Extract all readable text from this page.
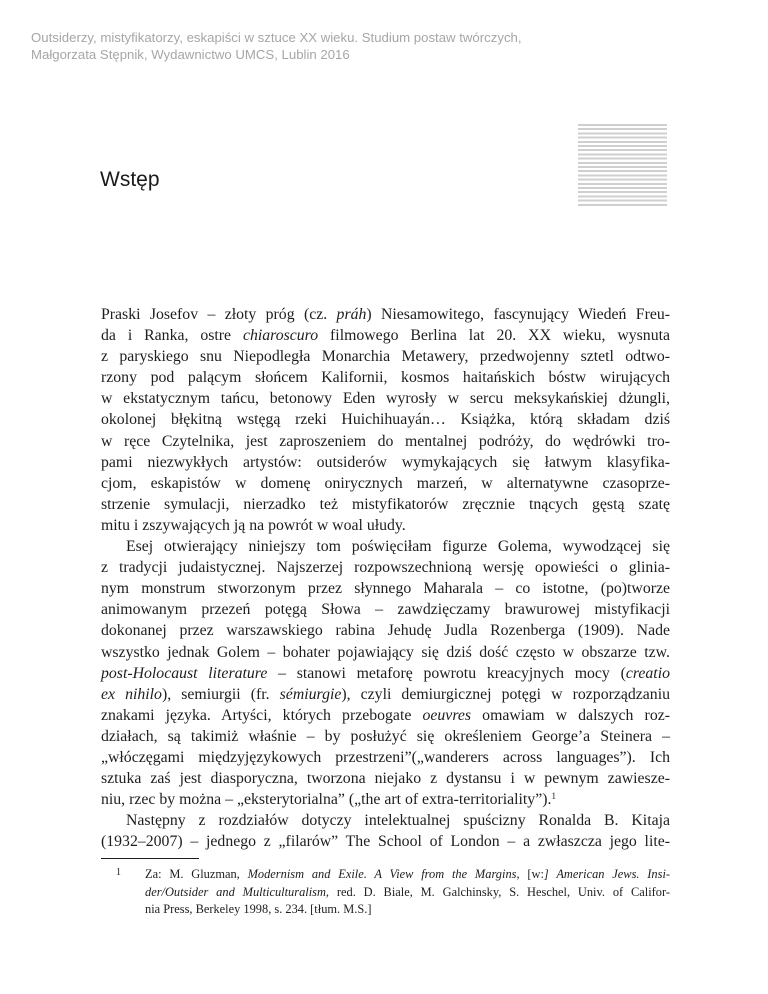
Outsiderzy, mistyfikatorzy, eskapiści w sztuce XX wieku. Studium postaw twórczych,
Małgorzata Stępnik, Wydawnictwo UMCS, Lublin 2016
Wstęp
Praski Josefov – złoty próg (cz. práh) Niesamowitego, fascynujący Wiedeń Freu-
da i Ranka, ostre chiaroscuro filmowego Berlina lat 20. XX wieku, wysnuta
z paryskiego snu Niepodległa Monarchia Metawery, przedwojenny sztetl odtwo-
rzony pod palącym słońcem Kalifornii, kosmos haitańskich bóstw wirujących
w ekstatycznym tańcu, betonowy Eden wyrosły w sercu meksykańskiej dżungli,
okolonej błękitną wstęgą rzeki Huichihuayán… Książka, którą składam dziś
w ręce Czytelnika, jest zaproszeniem do mentalnej podróży, do wędrówki tro-
pami niezwykłych artystów: outsiderów wymykających się łatwym klasyfika-
cjom, eskapistów w domenę onirycznych marzeń, w alternatywne czasoprze-
strzenie symulacji, nierzadko też mistyfikatorów zręcznie tnących gęstą szatę
mitu i zszywających ją na powrót w woal ułudy.
Esej otwierający niniejszy tom poświęciłam figurze Golema, wywodzącej się
z tradycji judaistycznej. Najszerzej rozpowszechnioną wersję opowieści o glinia-
nym monstrum stworzonym przez słynnego Maharala – co istotne, (po)tworze
animowanym przezeń potęgą Słowa – zawdzięczamy brawurowej mistyfikacji
dokonanej przez warszawskiego rabina Jehudę Judla Rozenberga (1909). Nade
wszystko jednak Golem – bohater pojawiający się dziś dość często w obszarze tzw.
post-Holocaust literature – stanowi metaforę powrotu kreacyjnych mocy (creatio
ex nihilo), semiurgii (fr. sémiurgie), czyli demiurgicznej potęgi w rozporządzaniu
znakami języka. Artyści, których przebogate oeuvres omawiam w dalszych roz-
działach, są takimiż właśnie – by posłużyć się określeniem George’a Steinera –
„włóczęgami międzyjęzykowych przestrzeni”(„wanderers across languages”). Ich
sztuka zaś jest diasporyczna, tworzona niejako z dystansu i w pewnym zawiesze-
niu, rzec by można – „eksterytorialna” („the art of extra-territoriality”).$^1$
Następny z rozdziałów dotyczy intelektualnej spuścizny Ronalda B. Kitaja
(1932–2007) – jednego z „filarów” The School of London – a zwłaszcza jego lite-
1 Za: M. Gluzman, Modernism and Exile. A View from the Margins, [w:] American Jews. Insi-
der/Outsider and Multiculturalism, red. D. Biale, M. Galchinsky, S. Heschel, Univ. of Califor-
nia Press, Berkeley 1998, s. 234. [tłum. M.S.]
